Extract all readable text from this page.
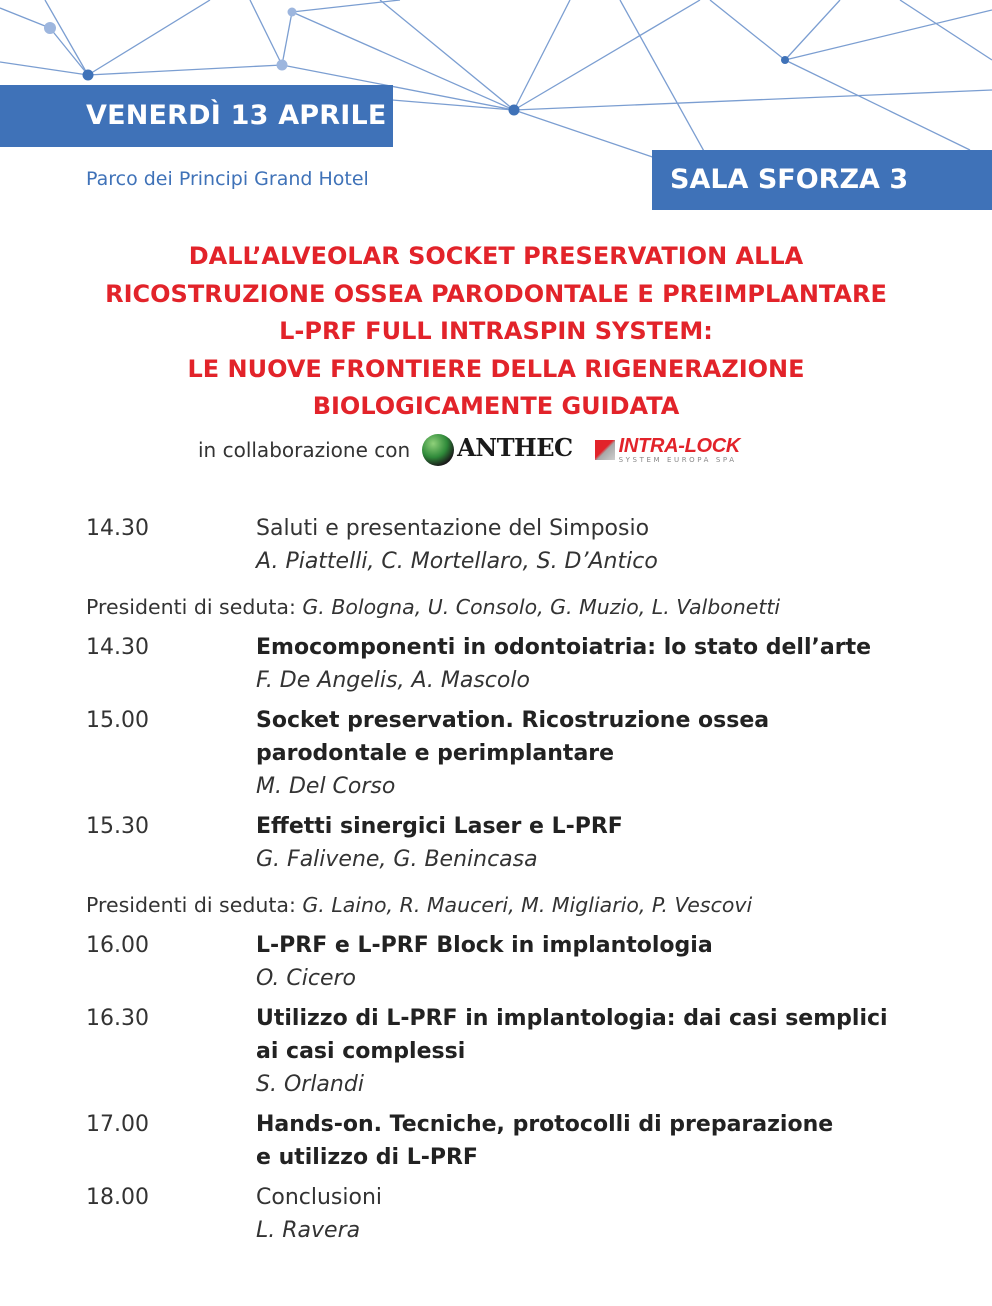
VENERDÌ 13 APRILE
Parco dei Principi Grand Hotel	SALA SFORZA 3
DALL’ALVEOLAR SOCKET PRESERVATION ALLA
RICOSTRUZIONE OSSEA PARODONTALE E PREIMPLANTARE
L-PRF FULL INTRASPIN SYSTEM:
LE NUOVE FRONTIERE DELLA RIGENERAZIONE
BIOLOGICAMENTE GUIDATA
in collaborazione con ANTHEC
INTRA-LOCK
SYSTEM EUROPA SPA
14.30	Saluti e presentazione del Simposio
A. Piattelli, C. Mortellaro, S. D’Antico
Presidenti di seduta: G. Bologna, U. Consolo, G. Muzio, L. Valbonetti
14.30	Emocomponenti in odontoiatria: lo stato dell’arte
F. De Angelis, A. Mascolo
15.00	Socket preservation. Ricostruzione ossea
parodontale e perimplantare
M. Del Corso
15.30	Effetti sinergici Laser e L-PRF
G. Falivene, G. Benincasa
Presidenti di seduta: G. Laino, R. Mauceri, M. Migliario, P. Vescovi
16.00	L-PRF e L-PRF Block in implantologia
O. Cicero
16.30	Utilizzo di L-PRF in implantologia: dai casi semplici
ai casi complessi
S. Orlandi
17.00	Hands-on. Tecniche, protocolli di preparazione
e utilizzo di L-PRF
18.00	Conclusioni
L. Ravera
